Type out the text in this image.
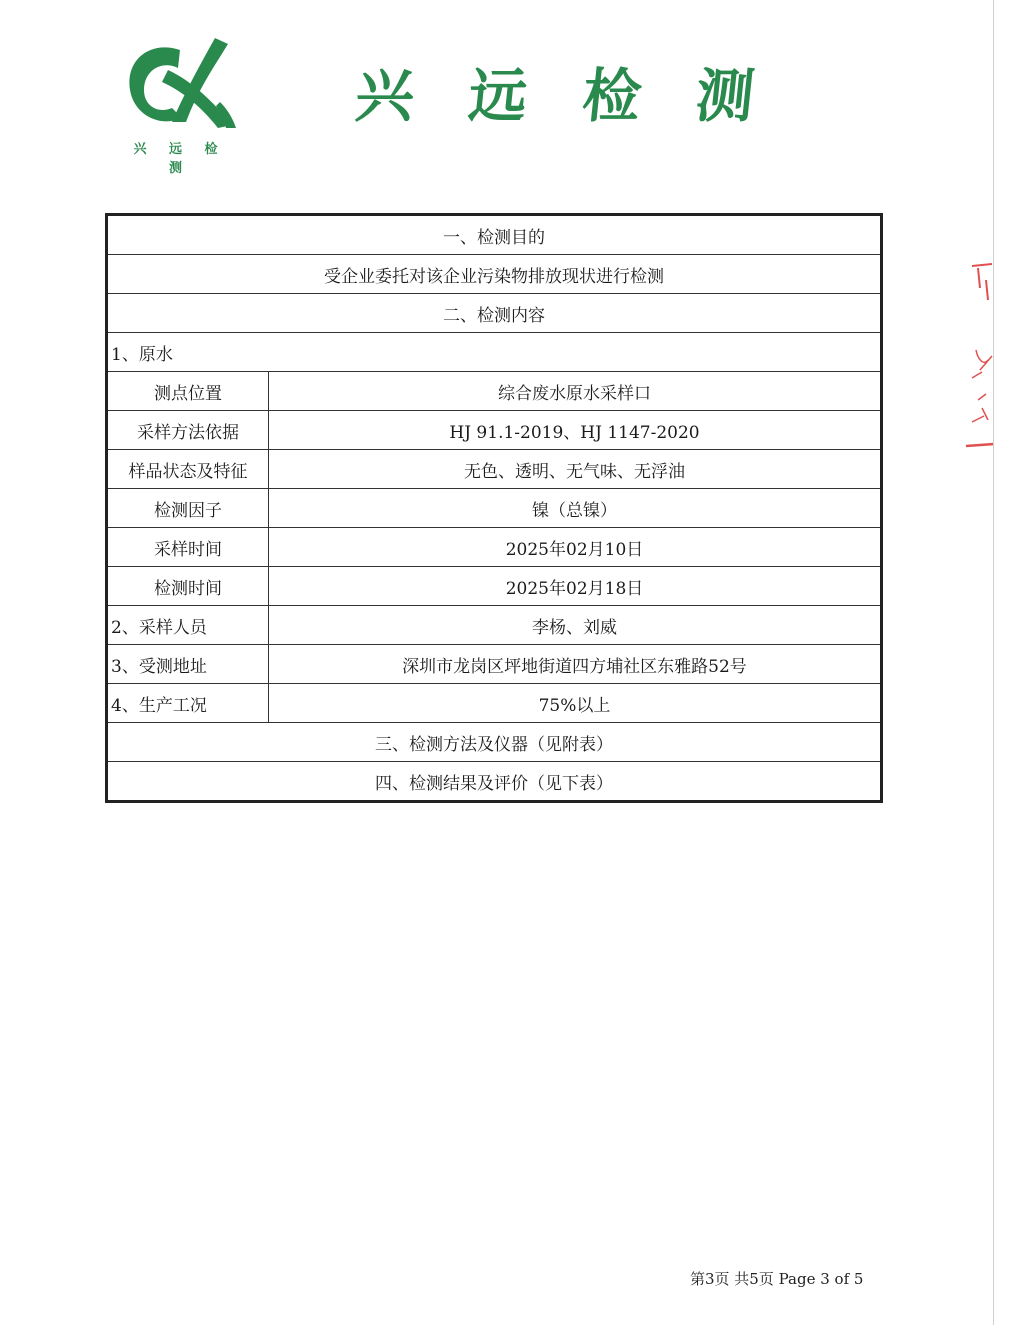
兴 远 检 测
兴 远 检 测
一、检测目的	
受企业委托对该企业污染物排放现状进行检测	
二、检测内容	
1、原水	
测点位置	综合废水原水采样口
采样方法依据	HJ 91.1-2019、HJ 1147-2020
样品状态及特征	无色、透明、无气味、无浮油
检测因子	镍（总镍）
采样时间	2025年02月10日
检测时间	2025年02月18日
2、采样人员	李杨、刘威
3、受测地址	深圳市龙岗区坪地街道四方埔社区东雅路52号
4、生产工况	75%以上
三、检测方法及仪器（见附表）	
四、检测结果及评价（见下表）	
第3页 共5页 Page 3 of 5
